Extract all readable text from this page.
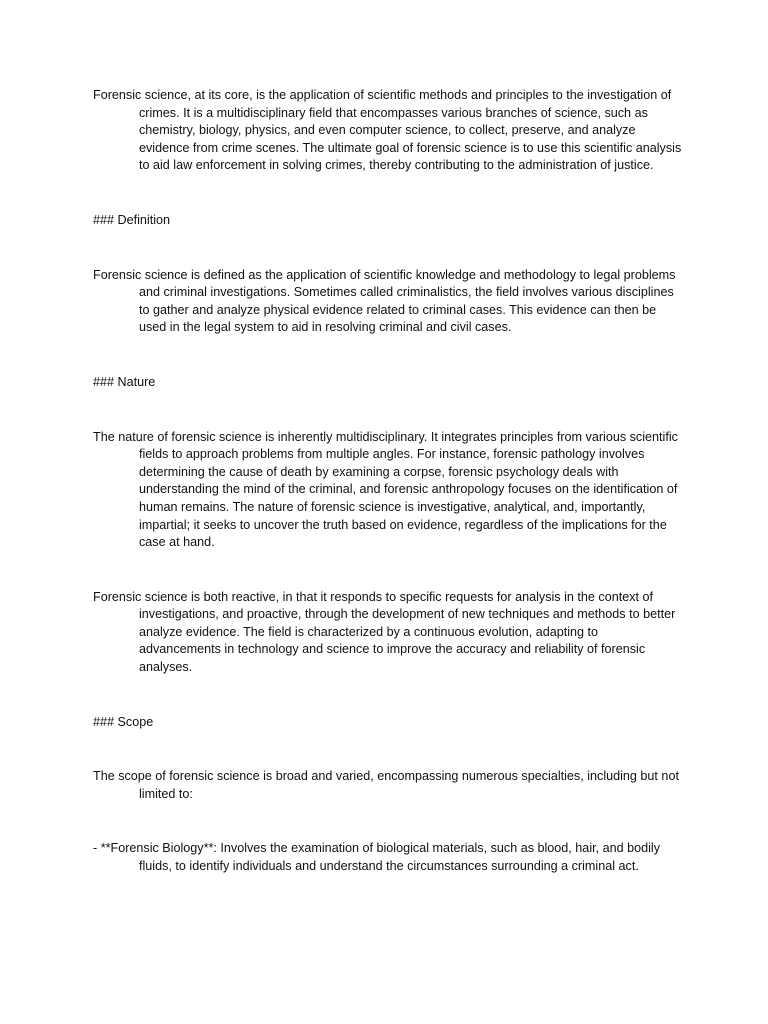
Forensic science, at its core, is the application of scientific methods and principles to the investigation of crimes. It is a multidisciplinary field that encompasses various branches of science, such as chemistry, biology, physics, and even computer science, to collect, preserve, and analyze evidence from crime scenes. The ultimate goal of forensic science is to use this scientific analysis to aid law enforcement in solving crimes, thereby contributing to the administration of justice.

### Definition

Forensic science is defined as the application of scientific knowledge and methodology to legal problems and criminal investigations. Sometimes called criminalistics, the field involves various disciplines to gather and analyze physical evidence related to criminal cases. This evidence can then be used in the legal system to aid in resolving criminal and civil cases.

### Nature

The nature of forensic science is inherently multidisciplinary. It integrates principles from various scientific fields to approach problems from multiple angles. For instance, forensic pathology involves determining the cause of death by examining a corpse, forensic psychology deals with understanding the mind of the criminal, and forensic anthropology focuses on the identification of human remains. The nature of forensic science is investigative, analytical, and, importantly, impartial; it seeks to uncover the truth based on evidence, regardless of the implications for the case at hand.

Forensic science is both reactive, in that it responds to specific requests for analysis in the context of investigations, and proactive, through the development of new techniques and methods to better analyze evidence. The field is characterized by a continuous evolution, adapting to advancements in technology and science to improve the accuracy and reliability of forensic analyses.

### Scope

The scope of forensic science is broad and varied, encompassing numerous specialties, including but not limited to:

- **Forensic Biology**: Involves the examination of biological materials, such as blood, hair, and bodily fluids, to identify individuals and understand the circumstances surrounding a criminal act.
